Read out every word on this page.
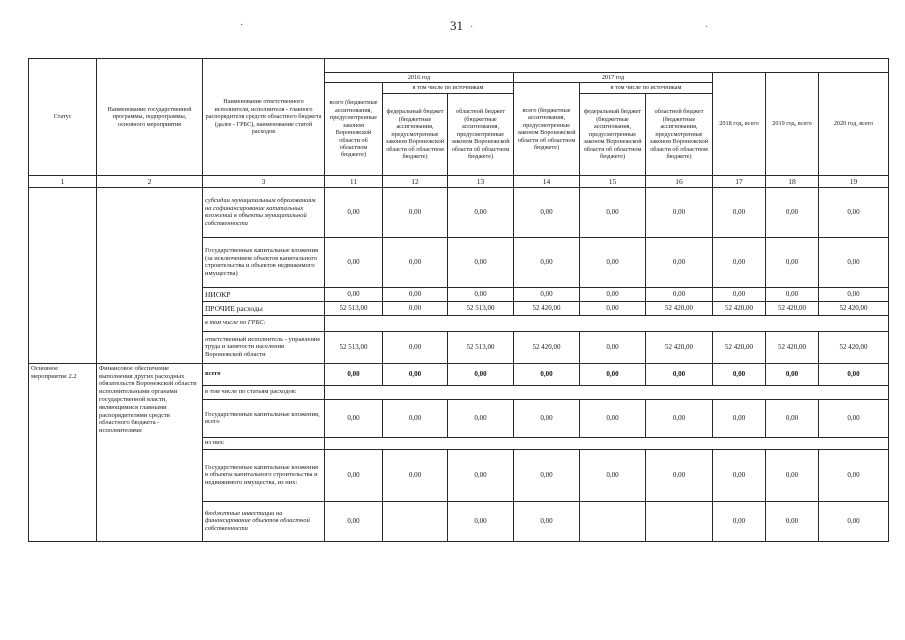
31
·	·	·
Статус	Наименование государственной программы, подпрограммы, основного мероприятия	Наименование ответственного исполнителя, исполнителя - главного распорядителя средств областного бюджета (далее - ГРБС), наименование статей расходов									
			2016 год			2017 год			2018 год, всего	2019 год, всего	2020 год, всего
			всего (бюджетные ассигнования, предусмотренные законом Воронежской области об областном бюджете)	в том числе по источникам		всего (бюджетные ассигнования, предусмотренные законом Воронежской области об областном бюджете)	в том числе по источникам				
				федеральный бюджет (бюджетные ассигнования, предусмотренные законом Воронежской области об областном бюджете)	областной бюджет (бюджетные ассигнования, предусмотренные законом Воронежской области об областном бюджете)		федеральный бюджет (бюджетные ассигнования, предусмотренные законом Воронежской области об областном бюджете)	областной бюджет (бюджетные ассигнования, предусмотренные законом Воронежской области об областном бюджете)			
1	2	3	11	12	13	14	15	16	17	18	19
		субсидии муниципальным образованиям на софинансирование капитальных вложений в объекты муниципальной собственности	0,00	0,00	0,00	0,00	0,00	0,00	0,00	0,00	0,00
		Государственные капитальные вложения (за исключением объектов капитального строительства и объектов недвижимого имущества)	0,00	0,00	0,00	0,00	0,00	0,00	0,00	0,00	0,00
		НИОКР	0,00	0,00	0,00	0,00	0,00	0,00	0,00	0,00	0,00
		ПРОЧИЕ расходы	52 513,00	0,00	52 513,00	52 420,00	0,00	52 420,00	52 420,00	52 420,00	52 420,00
		в том числе по ГРБС:									
		ответственный исполнитель - управление труда и занятости населения Воронежской области	52 513,00	0,00	52 513,00	52 420,00	0,00	52 420,00	52 420,00	52 420,00	52 420,00
Основное мероприятие 2.2	Финансовое обеспечение выполнения других расходных обязательств Воронежской области исполнительными органами государственной власти, являющимися главными распорядителями средств областного бюджета - исполнителями	всего	0,00	0,00	0,00	0,00	0,00	0,00	0,00	0,00	0,00
		в том числе по статьям расходов:									
		Государственные капитальные вложения, всего	0,00	0,00	0,00	0,00	0,00	0,00	0,00	0,00	0,00
		из них:									
		Государственные капитальные вложения в объекты капитального строительства и недвижимого имущества, из них:	0,00	0,00	0,00	0,00	0,00	0,00	0,00	0,00	0,00
		бюджетные инвестиции на финансирование объектов областной собственности	0,00		0,00	0,00			0,00	0,00	0,00
